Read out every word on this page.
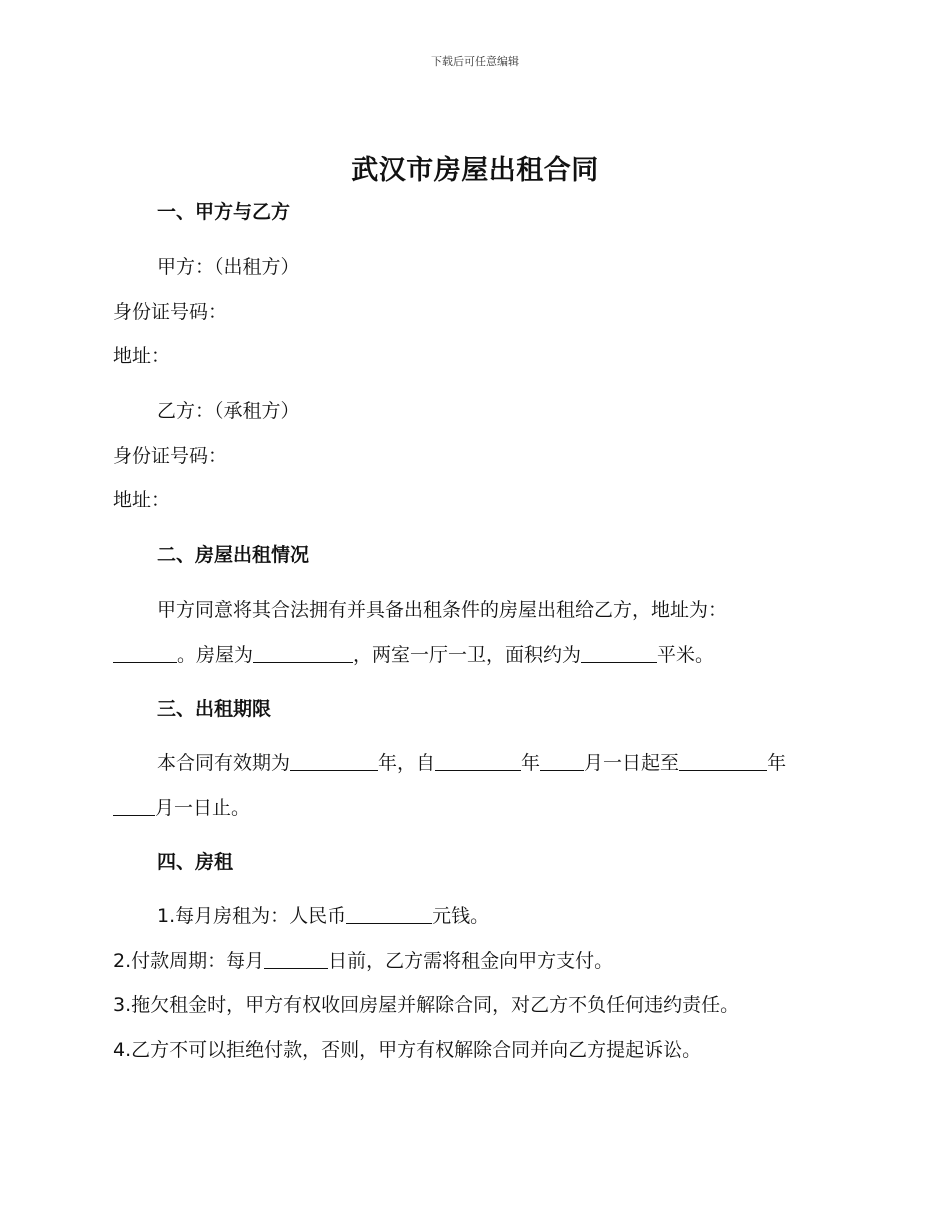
下载后可任意编辑
武汉市房屋出租合同
一、甲方与乙方
甲方：（出租方）
身份证号码：
地址：
乙方：（承租方）
身份证号码：
地址：
二、房屋出租情况
甲方同意将其合法拥有并具备出租条件的房屋出租给乙方，地址为：
。房屋为	，两室一厅一卫，面积约为	平米。
三、出租期限
本合同有效期为	年，自	年 月一日起至	年
月一日止。
四、房租
1.每月房租为：人民币	元钱。
2.付款周期：每月	日前，乙方需将租金向甲方支付。
3.拖欠租金时，甲方有权收回房屋并解除合同，对乙方不负任何违约责任。
4.乙方不可以拒绝付款，否则，甲方有权解除合同并向乙方提起诉讼。
